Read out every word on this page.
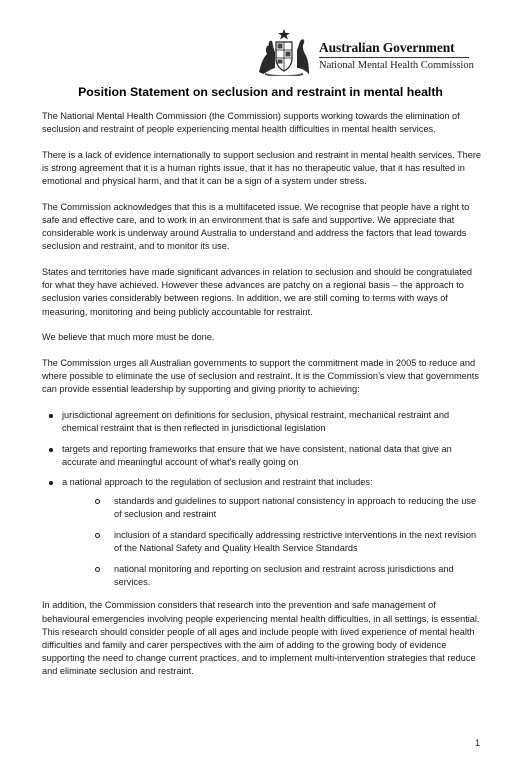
Australian Government
National Mental Health Commission
Position Statement on seclusion and restraint in mental health

The National Mental Health Commission (the Commission) supports working towards the elimination of seclusion and restraint of people experiencing mental health difficulties in mental health services.

There is a lack of evidence internationally to support seclusion and restraint in mental health services. There is strong agreement that it is a human rights issue, that it has no therapeutic value, that it has resulted in emotional and physical harm, and that it can be a sign of a system under stress.

The Commission acknowledges that this is a multifaceted issue. We recognise that people have a right to safe and effective care, and to work in an environment that is safe and supportive. We appreciate that considerable work is underway around Australia to understand and address the factors that lead towards seclusion and restraint, and to monitor its use.

States and territories have made significant advances in relation to seclusion and should be congratulated for what they have achieved. However these advances are patchy on a regional basis – the approach to seclusion varies considerably between regions. In addition, we are still coming to terms with ways of measuring, monitoring and being publicly accountable for restraint.

We believe that much more must be done.

The Commission urges all Australian governments to support the commitment made in 2005 to reduce and where possible to eliminate the use of seclusion and restraint. It is the Commission’s view that governments can provide essential leadership by supporting and giving priority to achieving:

jurisdictional agreement on definitions for seclusion, physical restraint, mechanical restraint and chemical restraint that is then reflected in jurisdictional legislation
targets and reporting frameworks that ensure that we have consistent, national data that give an accurate and meaningful account of what’s really going on
a national approach to the regulation of seclusion and restraint that includes:
standards and guidelines to support national consistency in approach to reducing the use of seclusion and restraint
inclusion of a standard specifically addressing restrictive interventions in the next revision of the National Safety and Quality Health Service Standards
national monitoring and reporting on seclusion and restraint across jurisdictions and services.

In addition, the Commission considers that research into the prevention and safe management of behavioural emergencies involving people experiencing mental health difficulties, in all settings, is essential. This research should consider people of all ages and include people with lived experience of mental health difficulties and family and carer perspectives with the aim of adding to the growing body of evidence supporting the need to change current practices, and to implement multi-intervention strategies that reduce and eliminate seclusion and restraint.

1
